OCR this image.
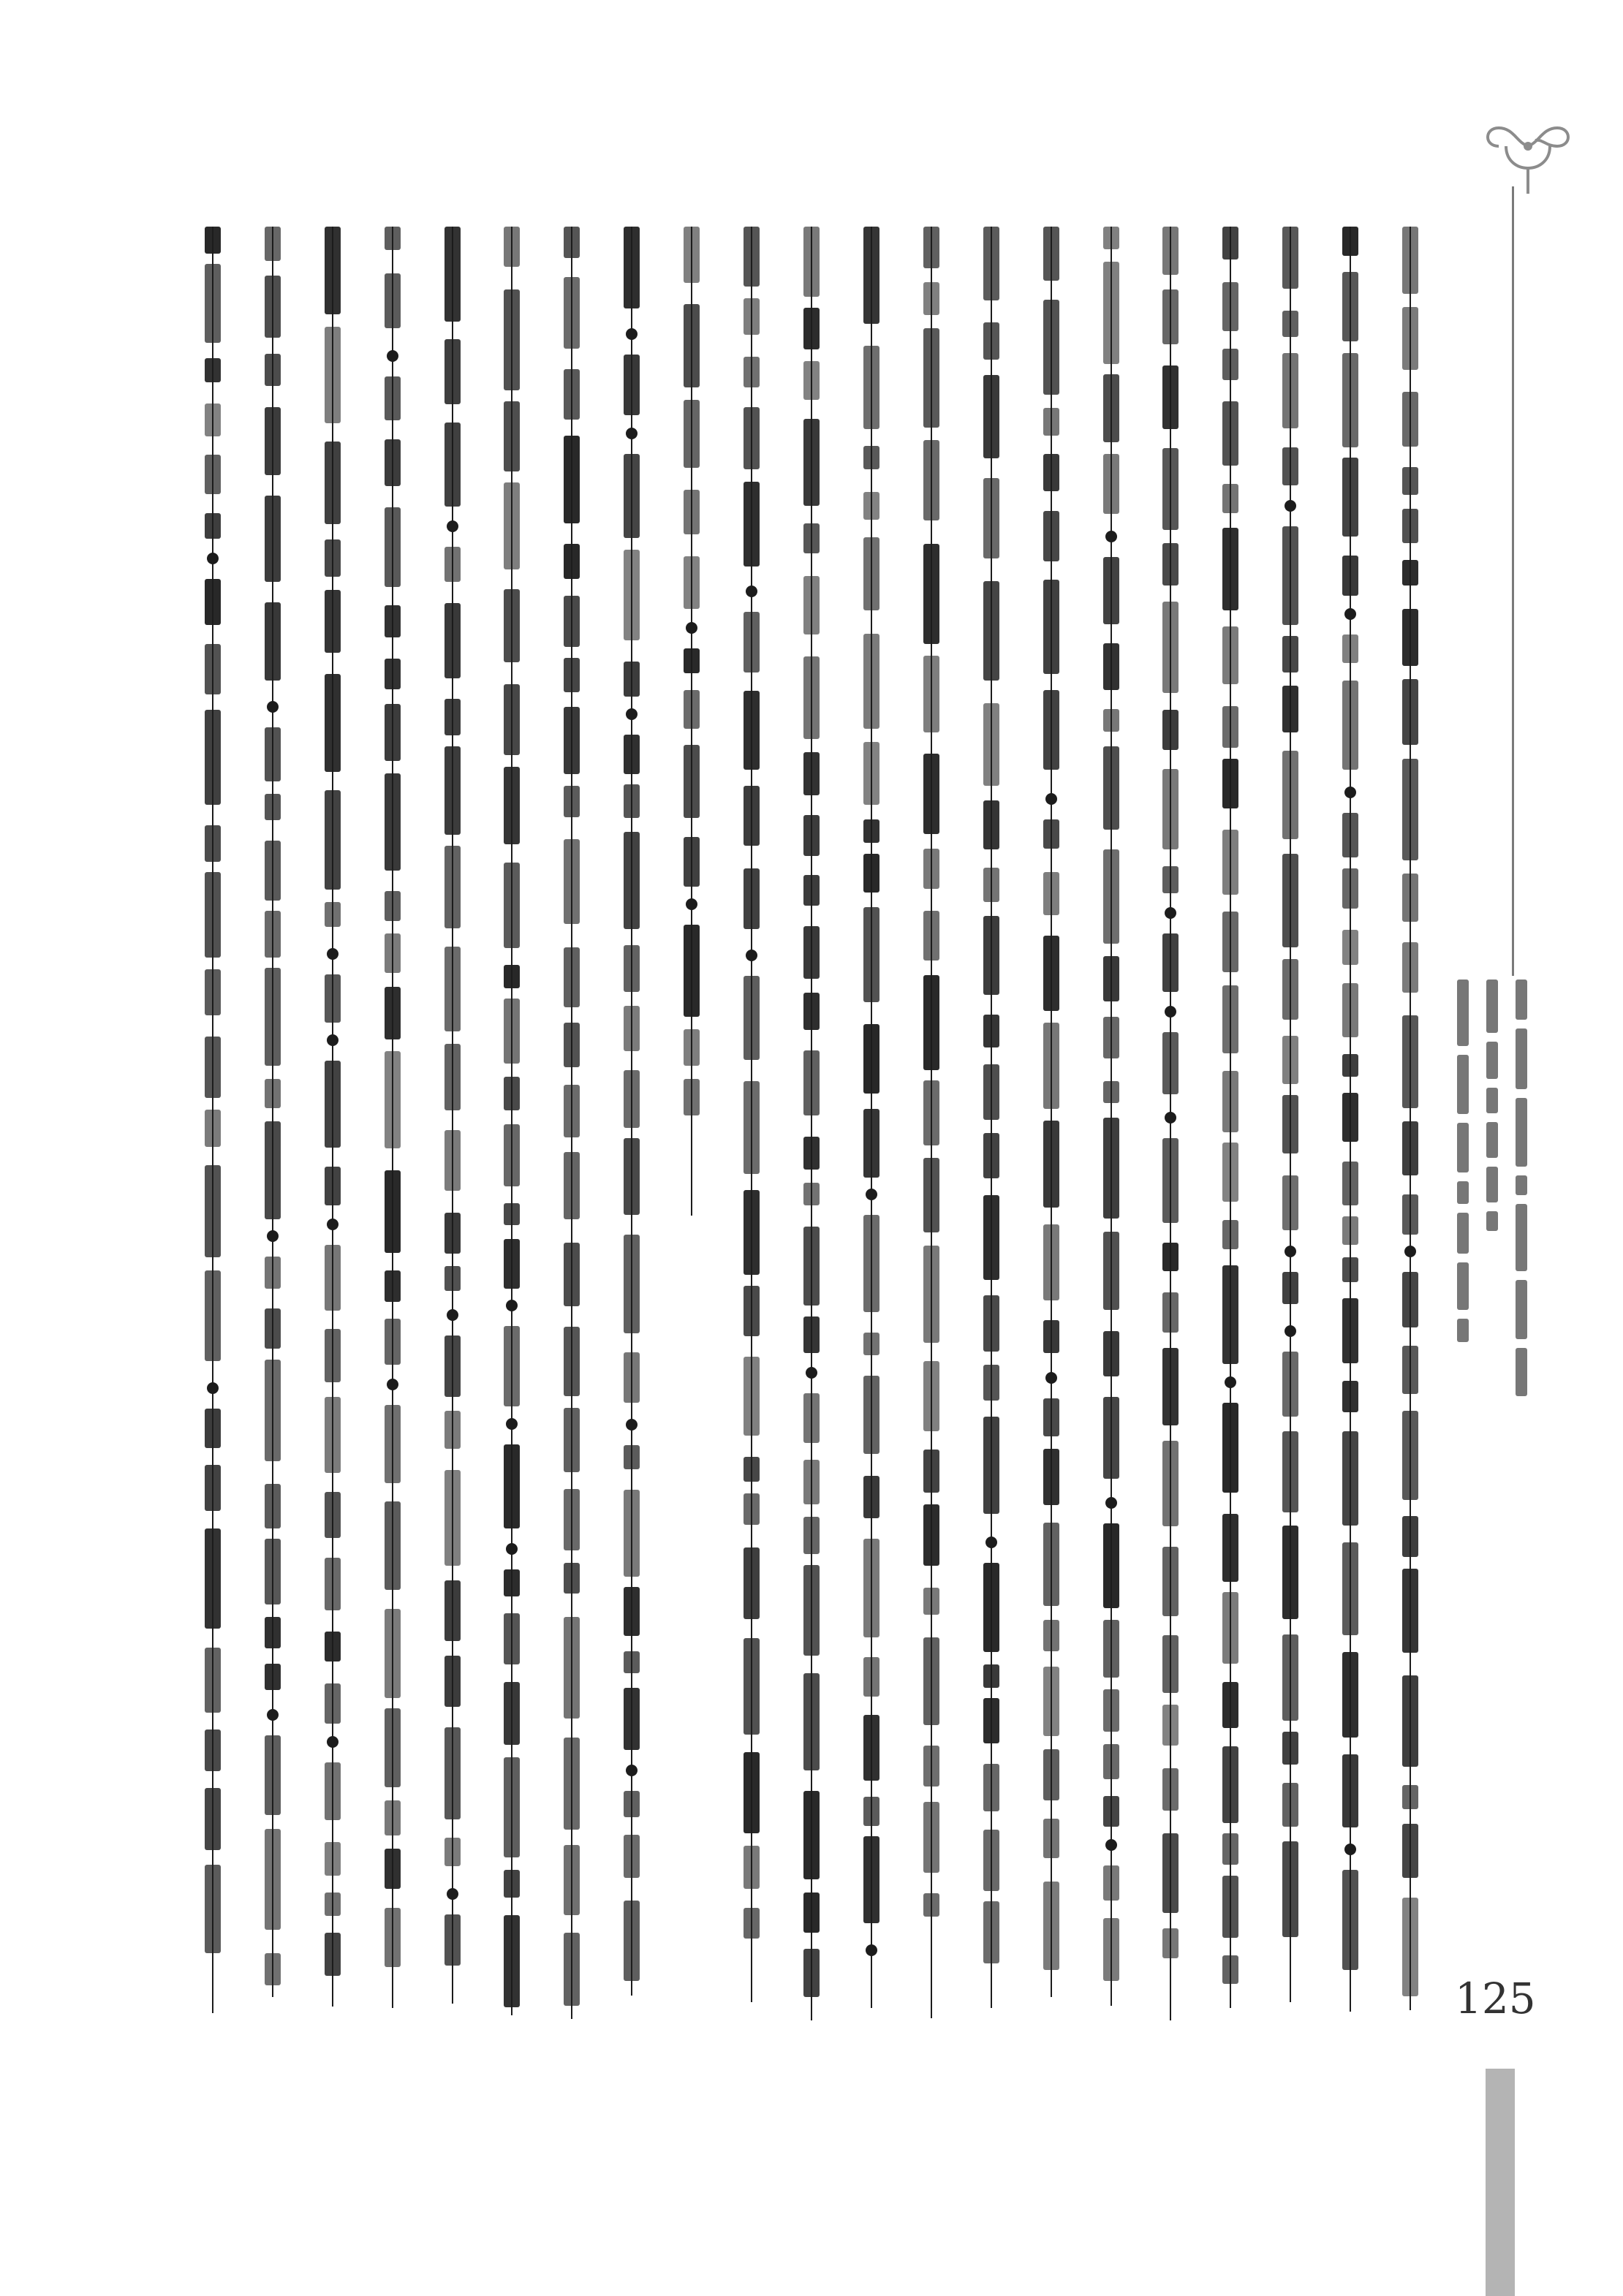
125
